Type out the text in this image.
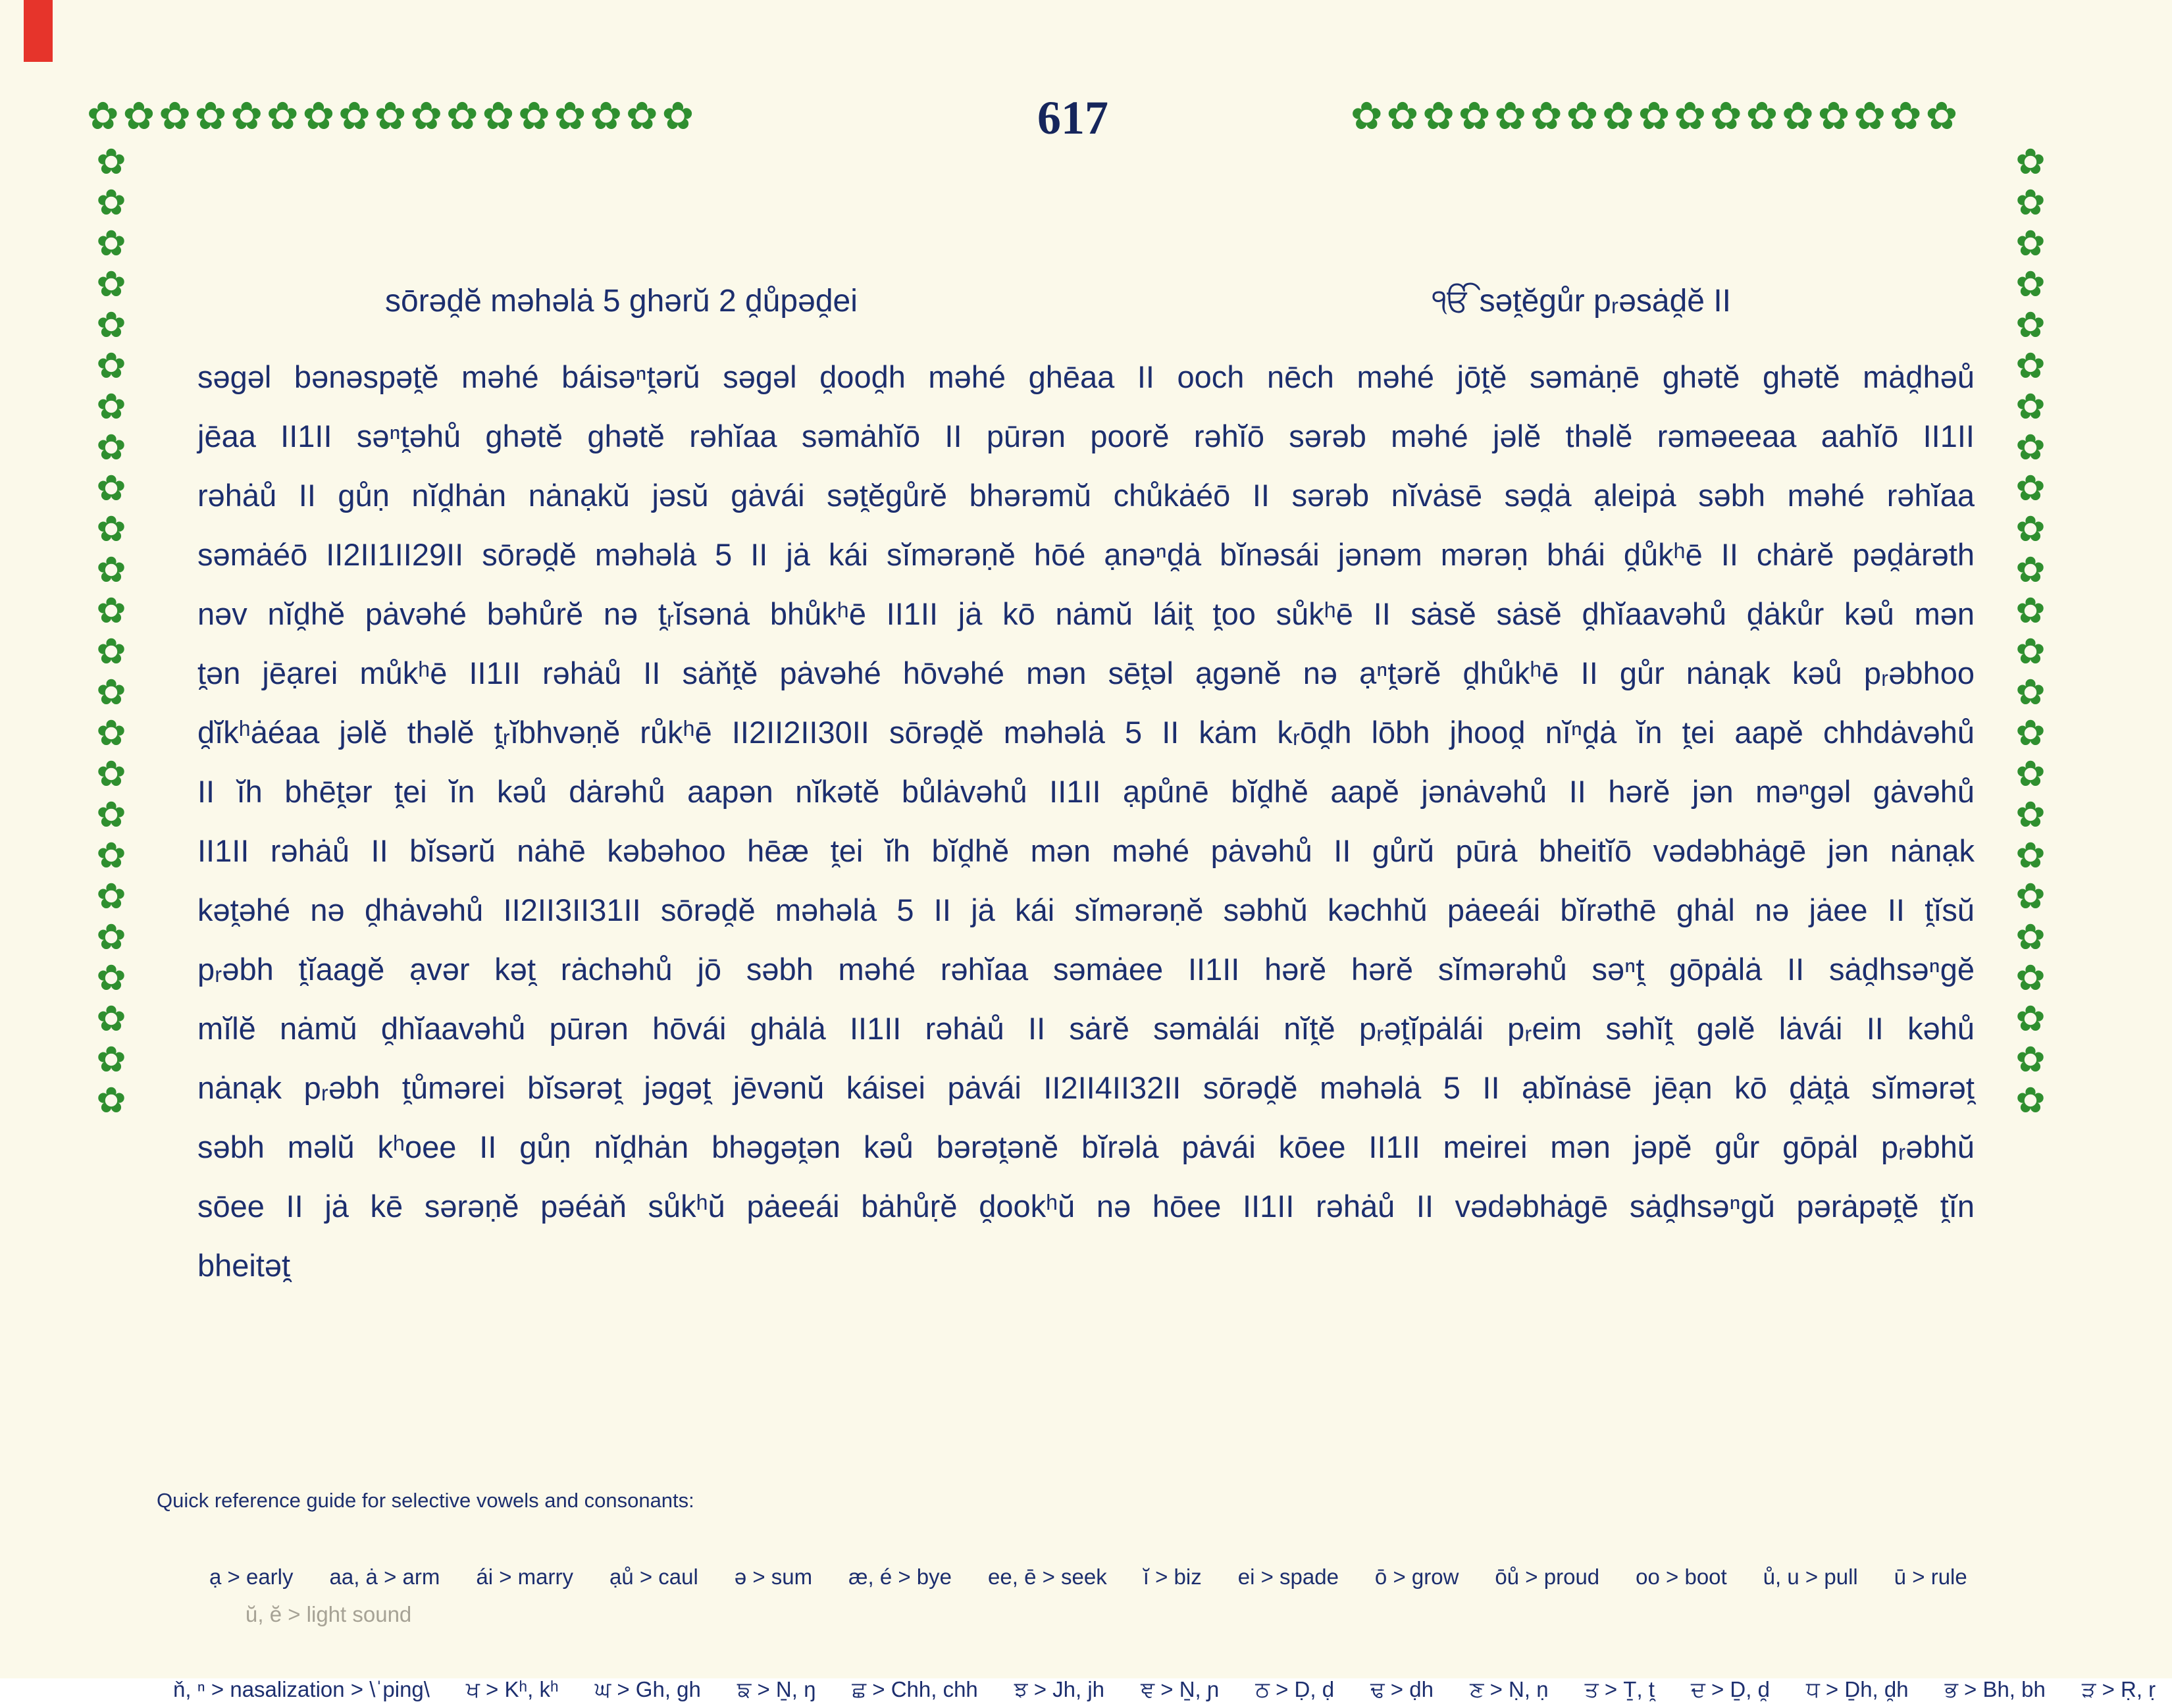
✿✿✿✿✿✿✿✿✿✿✿✿✿✿✿✿✿	617	✿✿✿✿✿✿✿✿✿✿✿✿✿✿✿✿✿
✿✿✿✿✿✿✿✿✿✿✿✿✿✿✿✿✿✿✿✿✿✿✿✿
✿✿✿✿✿✿✿✿✿✿✿✿✿✿✿✿✿✿✿✿✿✿✿✿
sōrəd̯ĕ məhəlȧ 5 ghərŭ 2 d̯ůpəd̯ei	ੴ sət̯ĕgůr pᵣəsȧd̯ĕ II
səgəl bənəspət̯ĕ məhé báisəⁿt̯ərŭ səgəl d̯ood̯h məhé ghēaa II ooch nēch məhé jōt̯ĕ səmȧṇē ghətĕ ghətĕ mȧd̯həů
jēaa II1II səⁿt̯əhů ghətĕ ghətĕ rəhĭaa səmȧhĭō II pūrən poorĕ rəhĭō sərəb məhé jəlĕ thəlĕ rəməeeaa aahĭō II1II
rəhȧů II gůṇ nĭd̯hȧn nȧnạkŭ jəsŭ gȧvái sət̯ĕgůrĕ bhərəmŭ chůkȧéō II sərəb nĭvȧsē səd̯ȧ ạleipȧ səbh məhé rəhĭaa
səmȧéō II2II1II29II sōrəd̯ĕ məhəlȧ 5 II jȧ kái sĭmərəṇĕ hōé ạnəⁿd̯ȧ bĭnəsái jənəm mərəṇ bhái d̯ůkʰē II chȧrĕ pəd̯ȧrəth
nəv nĭd̯hĕ pȧvəhé bəhůrĕ nə t̯ᵣĭsənȧ bhůkʰē II1II jȧ kō nȧmŭ láit̯ t̯oo sůkʰē II sȧsĕ sȧsĕ d̯hĭaavəhů d̯ȧkůr kəů mən
t̯ən jēạrei můkʰē II1II rəhȧů II sȧňt̯ĕ pȧvəhé hōvəhé mən sēt̯əl ạgənĕ nə ạⁿt̯ərĕ d̯hůkʰē II gůr nȧnạk kəů pᵣəbhoo
d̯ĭkʰȧéaa jəlĕ thəlĕ t̯ᵣĭbhvəṇĕ růkʰē II2II2II30II sōrəd̯ĕ məhəlȧ 5 II kȧm kᵣōd̯h lōbh jhood̯ nĭⁿd̯ȧ ĭn t̯ei aapĕ chhdȧvəhů
II ĭh bhēt̯ər t̯ei ĭn kəů dȧrəhů aapən nĭkətĕ bůlȧvəhů II1II ạpůnē bĭd̯hĕ aapĕ jənȧvəhů II hərĕ jən məⁿgəl gȧvəhů
II1II rəhȧů II bĭsərŭ nȧhē kəbəhoo hēæ t̯ei ĭh bĭd̯hĕ mən məhé pȧvəhů II gůrŭ pūrȧ bheitĭō vədəbhȧgē jən nȧnạk
kət̯əhé nə d̯hȧvəhů II2II3II31II sōrəd̯ĕ məhəlȧ 5 II jȧ kái sĭmərəṇĕ səbhŭ kəchhŭ pȧeeái bĭrəthē ghȧl nə jȧee II t̯ĭsŭ
pᵣəbh t̯ĭaagĕ ạvər kət̯ rȧchəhů jō səbh məhé rəhĭaa səmȧee II1II hərĕ hərĕ sĭmərəhů səⁿt̯ gōpȧlȧ II sȧd̯hsəⁿgĕ
mĭlĕ nȧmŭ d̯hĭaavəhů pūrən hōvái ghȧlȧ II1II rəhȧů II sȧrĕ səmȧlái nĭt̯ĕ pᵣət̯ĭpȧlái pᵣeim səhĭt̯ gəlĕ lȧvái II kəhů
nȧnạk pᵣəbh t̯ůmərei bĭsərət̯ jəgət̯ jēvənŭ káisei pȧvái II2II4II32II sōrəd̯ĕ məhəlȧ 5 II ạbĭnȧsē jēạn kō d̯ȧt̯ȧ sĭmərət̯
səbh məlŭ kʰoee II gůṇ nĭd̯hȧn bhəgət̯ən kəů bərət̯ənĕ bĭrəlȧ pȧvái kōee II1II meirei mən jəpĕ gůr gōpȧl pᵣəbhŭ
sōee II jȧ kē sərəṇĕ pəéȧň sůkʰŭ pȧeeái bȧhůṛĕ d̯ookʰŭ nə hōee II1II rəhȧů II vədəbhȧgē sȧd̯hsəⁿgŭ pərȧpət̯ĕ t̯ĭn
bheitət̯
Quick reference guide for selective vowels and consonants:

ạ > early      aa, ȧ > arm      ái > marry      ạů > caul      ə > sum      æ, é > bye      ee, ē > seek      ĭ > biz      ei > spade      ō > grow      ōů > proud      oo > boot      ů, u > pull      ū > rule
ŭ, ĕ > light sound

ň, ⁿ > nasalization > \ˈping\      ਖ > Kʰ, kʰ      ਘ > Gh, gh      ਙ > Ṉ, ŋ      ਛ > Chh, chh      ਝ > Jh, jh      ਞ > Ṉ, ɲ      ਠ > Ḍ, ḍ      ਢ > ḍh      ਣ > Ṇ, ṇ      ਤ > Ṯ, t̯      ਦ > Ḏ, d̯      ਧ > Ḏh, d̯h      ਭ > Bh, bh      ੜ > Ṛ, ṛ
